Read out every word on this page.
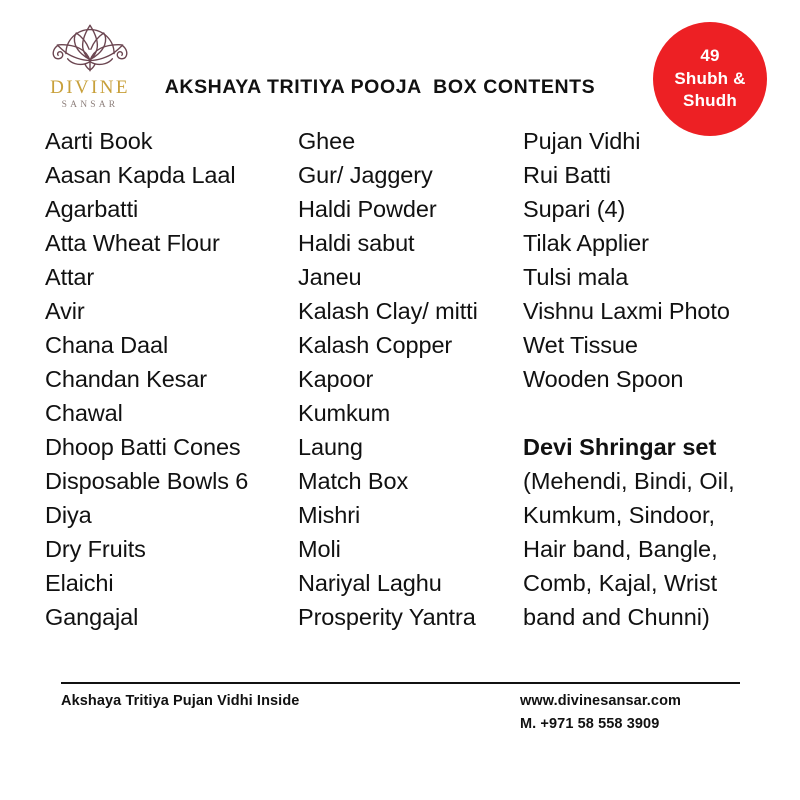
DIVINE
SANSAR
49
Shubh &
Shudh
AKSHAYA TRITIYA POOJA  BOX CONTENTS
Aarti Book
Aasan Kapda Laal
Agarbatti
Atta Wheat Flour
Attar
Avir
Chana Daal
Chandan Kesar
Chawal
Dhoop Batti Cones
Disposable Bowls 6
Diya
Dry Fruits
Elaichi
Gangajal
Ghee
Gur/ Jaggery
Haldi Powder
Haldi sabut
Janeu
Kalash Clay/ mitti
Kalash Copper
Kapoor
Kumkum
Laung
Match Box
Mishri
Moli
Nariyal Laghu
Prosperity Yantra
Pujan Vidhi
Rui Batti
Supari (4)
Tilak Applier
Tulsi mala
Vishnu Laxmi Photo
Wet Tissue
Wooden Spoon
Devi Shringar set
(Mehendi, Bindi, Oil, Kumkum, Sindoor, Hair band, Bangle, Comb, Kajal, Wrist band and Chunni)
Akshaya Tritiya Pujan Vidhi Inside	www.divinesansar.com
M. +971 58 558 3909
